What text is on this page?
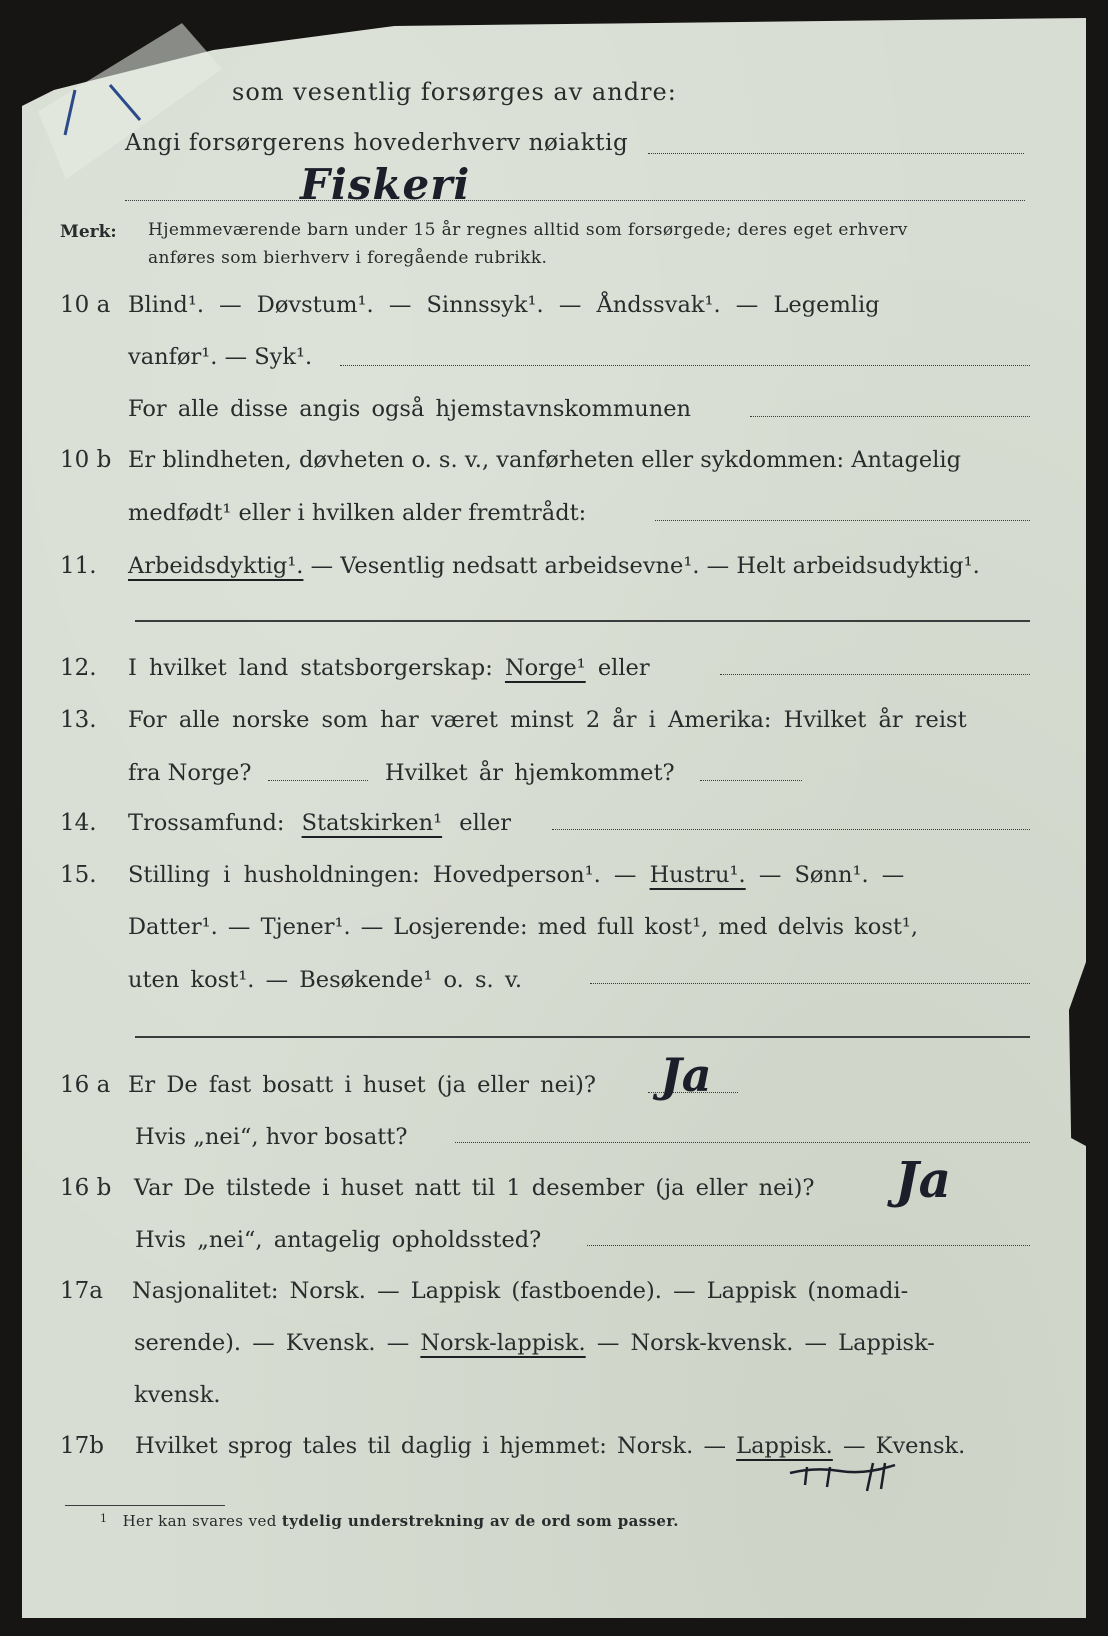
som vesentlig forsørges av andre:
Angi forsørgerens hovederhverv nøiaktig
Fiskeri
Merk: Hjemmeværende barn under 15 år regnes alltid som forsørgede; deres eget erhverv
anføres som bierhverv i foregående rubrikk.
10 a Blind¹. — Døvstum¹. — Sinnssyk¹. — Åndssvak¹. — Legemlig
vanfør¹. — Syk¹.
For alle disse angis også hjemstavnskommunen
10 b Er blindheten, døvheten o. s. v., vanførheten eller sykdommen: Antagelig
medfødt¹ eller i hvilken alder fremtrådt:
11. Arbeidsdyktig¹. — Vesentlig nedsatt arbeidsevne¹. — Helt arbeidsudyktig¹.
12. I hvilket land statsborgerskap: Norge¹ eller
13. For alle norske som har været minst 2 år i Amerika: Hvilket år reist
fra Norge?	Hvilket år hjemkommet?
14. Trossamfund: Statskirken¹ eller
15. Stilling i husholdningen: Hovedperson¹. — Hustru¹. — Sønn¹. —
Datter¹. — Tjener¹. — Losjerende: med full kost¹, med delvis kost¹,
uten kost¹. — Besøkende¹ o. s. v.
16 a Er De fast bosatt i huset (ja eller nei)? Ja
Hvis „nei“, hvor bosatt?
16 b Var De tilstede i huset natt til 1 desember (ja eller nei)? Ja
Hvis „nei“, antagelig opholdssted?
17a Nasjonalitet: Norsk. — Lappisk (fastboende). — Lappisk (nomadi-
serende). — Kvensk. — Norsk-lappisk. — Norsk-kvensk. — Lappisk-
kvensk.
17b Hvilket sprog tales til daglig i hjemmet: Norsk. — Lappisk. — Kvensk.
$^1$ Her kan svares ved tydelig understrekning av de ord som passer.
